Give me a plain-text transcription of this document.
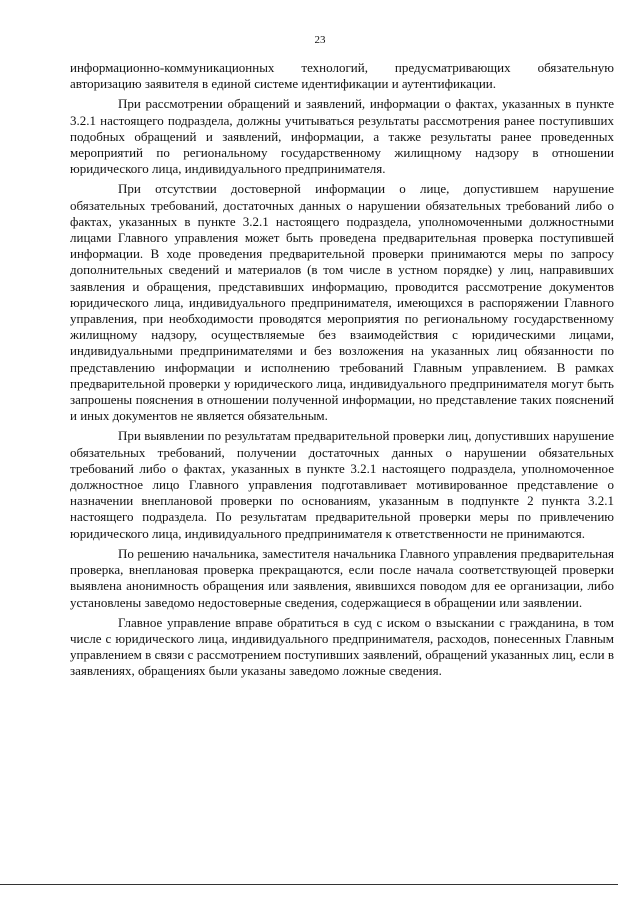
23

информационно-коммуникационных технологий, предусматривающих обязательную авторизацию заявителя в единой системе идентификации и аутентификации.

При рассмотрении обращений и заявлений, информации о фактах, указанных в пункте 3.2.1 настоящего подраздела, должны учитываться результаты рассмотрения ранее поступивших подобных обращений и заявлений, информации, а также результаты ранее проведенных мероприятий по региональному государственному жилищному надзору в отношении юридического лица, индивидуального предпринимателя.

При отсутствии достоверной информации о лице, допустившем нарушение обязательных требований, достаточных данных о нарушении обязательных требований либо о фактах, указанных в пункте 3.2.1 настоящего подраздела, уполномоченными должностными лицами Главного управления может быть проведена предварительная проверка поступившей информации. В ходе проведения предварительной проверки принимаются меры по запросу дополнительных сведений и материалов (в том числе в устном порядке) у лиц, направивших заявления и обращения, представивших информацию, проводится рассмотрение документов юридического лица, индивидуального предпринимателя, имеющихся в распоряжении Главного управления, при необходимости проводятся мероприятия по региональному государственному жилищному надзору, осуществляемые без взаимодействия с юридическими лицами, индивидуальными предпринимателями и без возложения на указанных лиц обязанности по представлению информации и исполнению требований Главным управлением. В рамках предварительной проверки у юридического лица, индивидуального предпринимателя могут быть запрошены пояснения в отношении полученной информации, но представление таких пояснений и иных документов не является обязательным.

При выявлении по результатам предварительной проверки лиц, допустивших нарушение обязательных требований, получении достаточных данных о нарушении обязательных требований либо о фактах, указанных в пункте 3.2.1 настоящего подраздела, уполномоченное должностное лицо Главного управления подготавливает мотивированное представление о назначении внеплановой проверки по основаниям, указанным в подпункте 2 пункта 3.2.1 настоящего подраздела. По результатам предварительной проверки меры по привлечению юридического лица, индивидуального предпринимателя к ответственности не принимаются.

По решению начальника, заместителя начальника Главного управления предварительная проверка, внеплановая проверка прекращаются, если после начала соответствующей проверки выявлена анонимность обращения или заявления, явившихся поводом для ее организации, либо установлены заведомо недостоверные сведения, содержащиеся в обращении или заявлении.

Главное управление вправе обратиться в суд с иском о взыскании с гражданина, в том числе с юридического лица, индивидуального предпринимателя, расходов, понесенных Главным управлением в связи с рассмотрением поступивших заявлений, обращений указанных лиц, если в заявлениях, обращениях были указаны заведомо ложные сведения.
